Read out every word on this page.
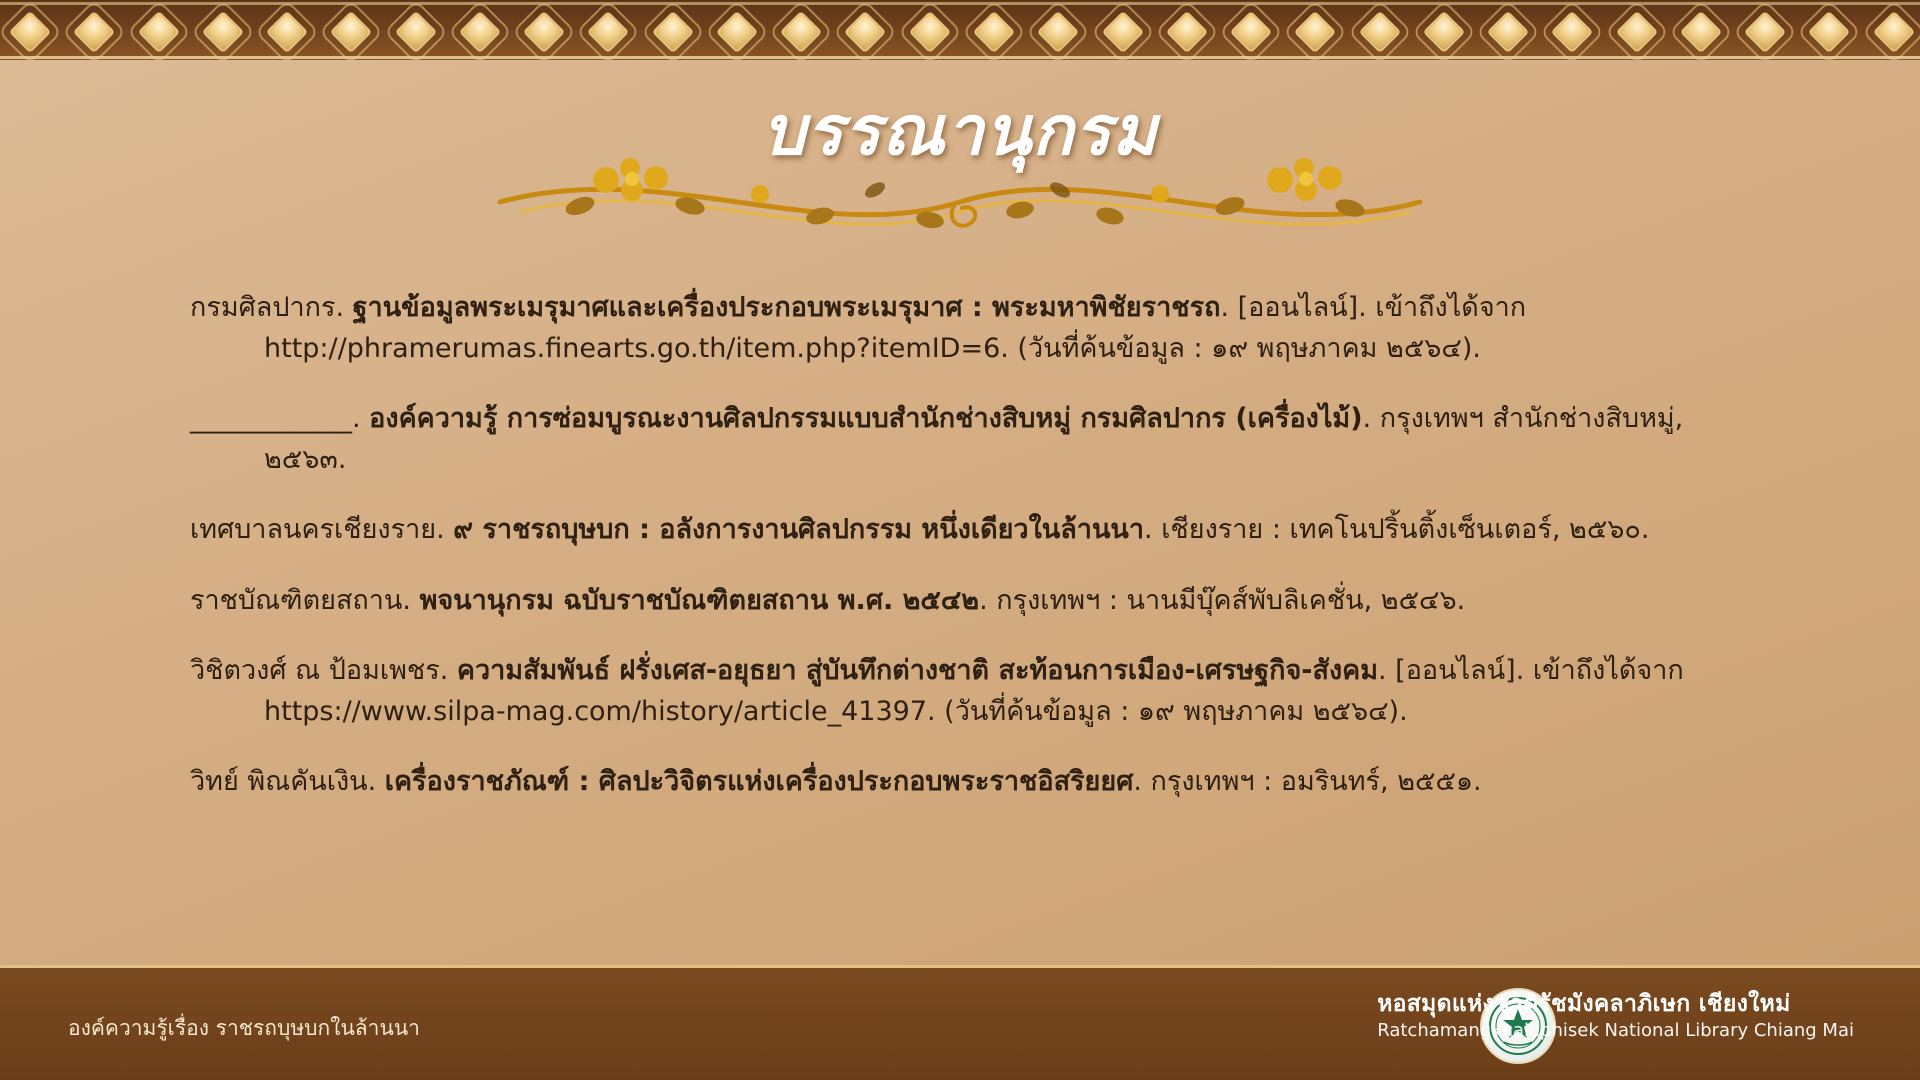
บรรณานุกรม
กรมศิลปากร. ฐานข้อมูลพระเมรุมาศและเครื่องประกอบพระเมรุมาศ : พระมหาพิชัยราชรถ. [ออนไลน์]. เข้าถึงได้จาก http://phramerumas.finearts.go.th/item.php?itemID=6. (วันที่ค้นข้อมูล : ๑๙ พฤษภาคม ๒๕๖๔).
____________. องค์ความรู้ การซ่อมบูรณะงานศิลปกรรมแบบสำนักช่างสิบหมู่ กรมศิลปากร (เครื่องไม้). กรุงเทพฯ สำนักช่างสิบหมู่, ๒๕๖๓.
เทศบาลนครเชียงราย. ๙ ราชรถบุษบก : อลังการงานศิลปกรรม หนึ่งเดียวในล้านนา. เชียงราย : เทคโนปริ้นติ้งเซ็นเตอร์, ๒๕๖๐.
ราชบัณฑิตยสถาน. พจนานุกรม ฉบับราชบัณฑิตยสถาน พ.ศ. ๒๕๔๒. กรุงเทพฯ : นานมีบุ๊คส์พับลิเคชั่น, ๒๕๔๖.
วิชิตวงศ์ ณ ป้อมเพชร. ความสัมพันธ์ ฝรั่งเศส-อยุธยา สู่บันทึกต่างชาติ สะท้อนการเมือง-เศรษฐกิจ-สังคม. [ออนไลน์]. เข้าถึงได้จาก https://www.silpa-mag.com/history/article_41397. (วันที่ค้นข้อมูล : ๑๙ พฤษภาคม ๒๕๖๔).
วิทย์ พิณคันเงิน. เครื่องราชภัณฑ์ : ศิลปะวิจิตรแห่งเครื่องประกอบพระราชอิสริยยศ. กรุงเทพฯ : อมรินทร์, ๒๕๕๑.
องค์ความรู้เรื่อง ราชรถบุษบกในล้านนา
หอสมุดแห่งชาติรัชมังคลาภิเษก เชียงใหม่
Ratchamangkhalaphisek National Library Chiang Mai
